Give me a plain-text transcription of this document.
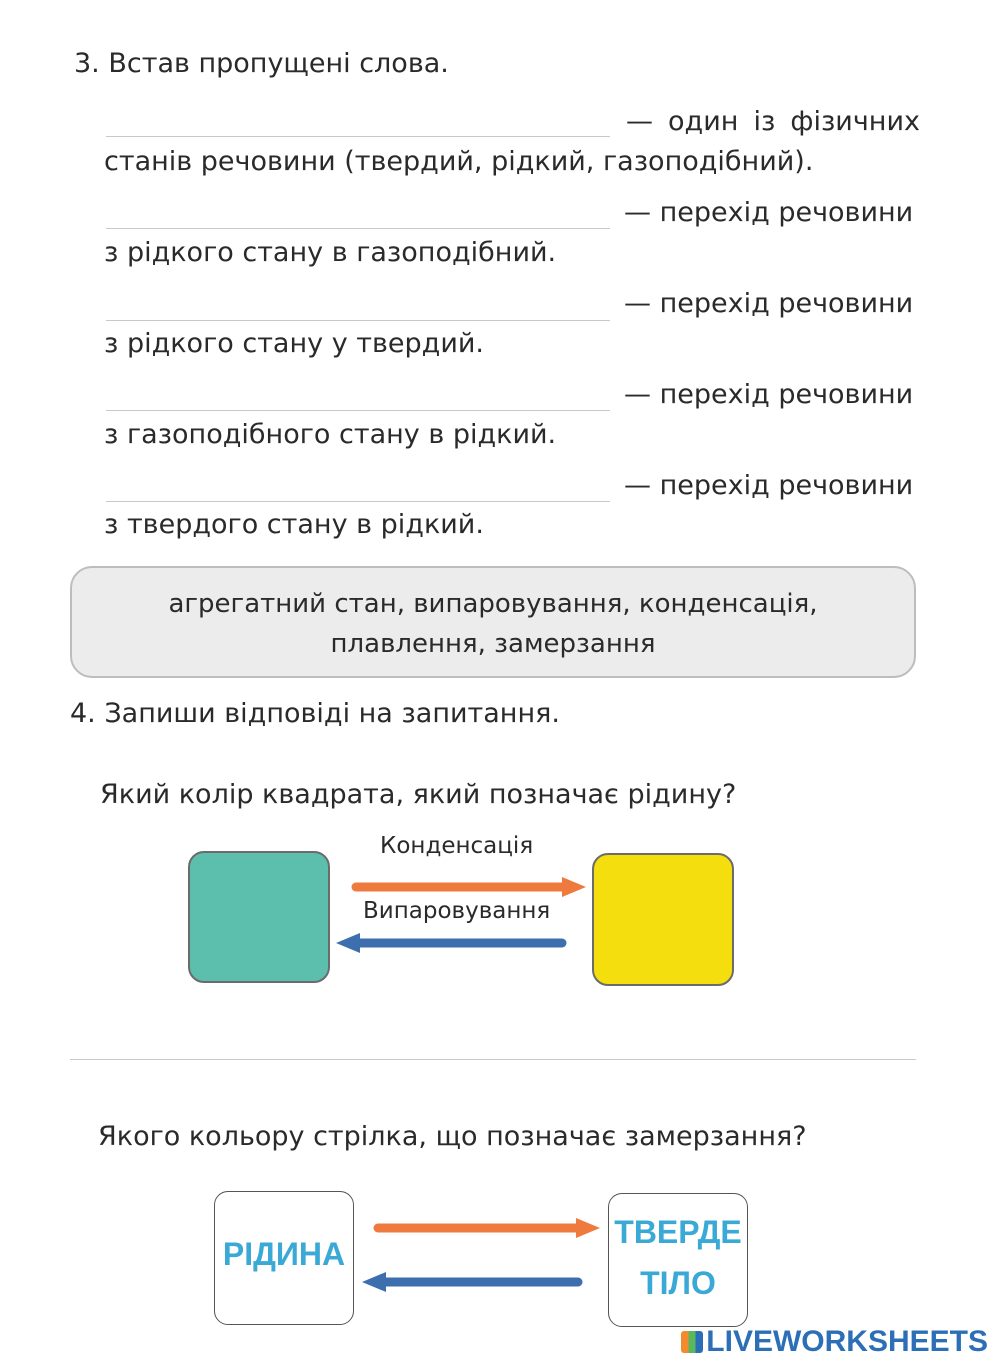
3. Встав пропущені слова.
— один із фізичних
станів речовини (твердий, рідкий, газоподібний).
— перехід речовини
з рідкого стану в газоподібний.
— перехід речовини
з рідкого стану у твердий.
— перехід речовини
з газоподібного стану в рідкий.
— перехід речовини
з твердого стану в рідкий.
агрегатний стан, випаровування, конденсація,
плавлення, замерзання
4. Запиши відповіді на запитання.
Який колір квадрата, який позначає рідину?
Конденсація
Випаровування
Якого кольору стрілка, що позначає замерзання?
РІДИНА
ТВЕРДЕ
ТІЛО
LIVEWORKSHEETS
